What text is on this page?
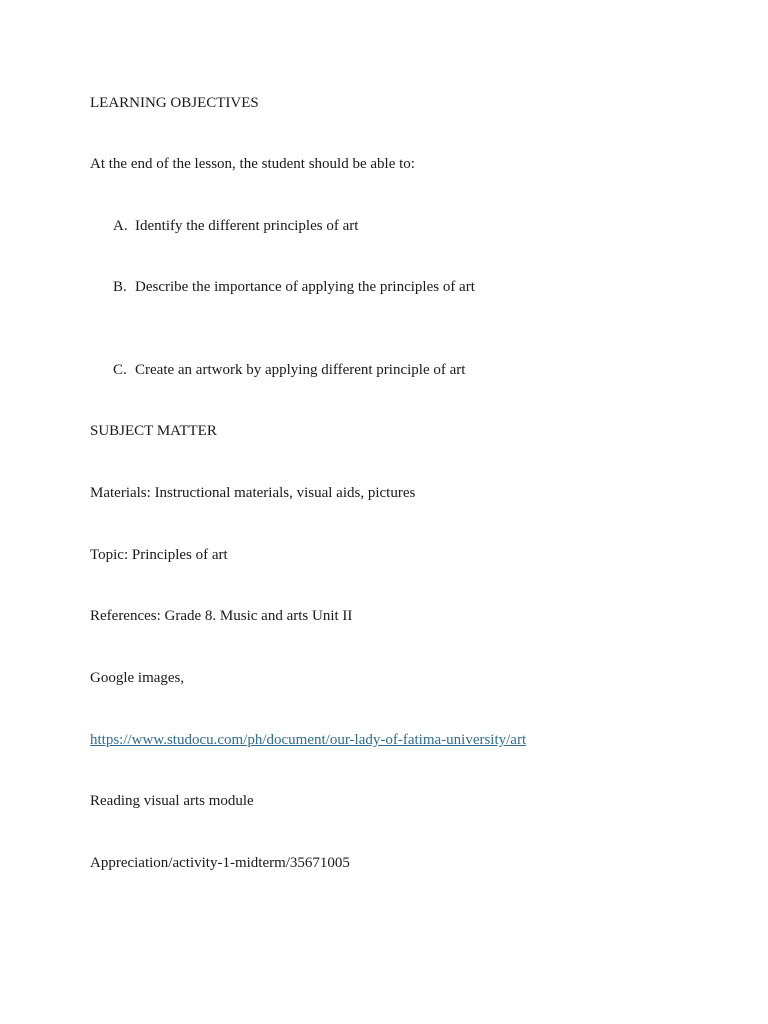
LEARNING OBJECTIVES
At the end of the lesson, the student should be able to:
A. Identify the different principles of art
B. Describe the importance of applying the principles of art
C. Create an artwork by applying different principle of art
SUBJECT MATTER
Materials: Instructional materials, visual aids, pictures
Topic: Principles of art
References: Grade 8. Music and arts Unit II
Google images,
https://www.studocu.com/ph/document/our-lady-of-fatima-university/art
Reading visual arts module
Appreciation/activity-1-midterm/35671005
